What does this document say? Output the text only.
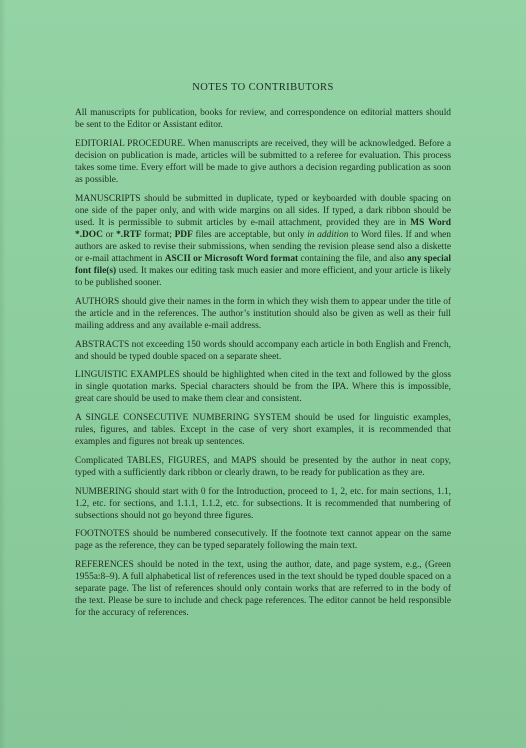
NOTES TO CONTRIBUTORS

All manuscripts for publication, books for review, and correspondence on editorial matters should be sent to the Editor or Assistant editor.

EDITORIAL PROCEDURE. When manuscripts are received, they will be acknowledged. Before a decision on publication is made, articles will be submitted to a referee for evaluation. This process takes some time. Every effort will be made to give authors a decision regarding publication as soon as possible.

MANUSCRIPTS should be submitted in duplicate, typed or keyboarded with double spacing on one side of the paper only, and with wide margins on all sides. If typed, a dark ribbon should be used. It is permissible to submit articles by e-mail attachment, provided they are in MS Word *.DOC or *.RTF format; PDF files are acceptable, but only in addition to Word files. If and when authors are asked to revise their submissions, when sending the revision please send also a diskette or e-mail attachment in ASCII or Microsoft Word format containing the file, and also any special font file(s) used. It makes our editing task much easier and more efficient, and your article is likely to be published sooner.

AUTHORS should give their names in the form in which they wish them to appear under the title of the article and in the references. The author’s institution should also be given as well as their full mailing address and any available e-mail address.

ABSTRACTS not exceeding 150 words should accompany each article in both English and French, and should be typed double spaced on a separate sheet.

LINGUISTIC EXAMPLES should be highlighted when cited in the text and followed by the gloss in single quotation marks. Special characters should be from the IPA. Where this is impossible, great care should be used to make them clear and consistent.

A SINGLE CONSECUTIVE NUMBERING SYSTEM should be used for linguistic examples, rules, figures, and tables. Except in the case of very short examples, it is recommended that examples and figures not break up sentences.

Complicated TABLES, FIGURES, and MAPS should be presented by the author in neat copy, typed with a sufficiently dark ribbon or clearly drawn, to be ready for publication as they are.

NUMBERING should start with 0 for the Introduction, proceed to 1, 2, etc. for main sections, 1.1, 1.2, etc. for sections, and 1.1.1, 1.1.2, etc. for subsections. It is recommended that numbering of subsections should not go beyond three figures.

FOOTNOTES should be numbered consecutively. If the footnote text cannot appear on the same page as the reference, they can be typed separately following the main text.

REFERENCES should be noted in the text, using the author, date, and page system, e.g., (Green 1955a:8–9). A full alphabetical list of references used in the text should be typed double spaced on a separate page. The list of references should only contain works that are referred to in the body of the text. Please be sure to include and check page references. The editor cannot be held responsible for the accuracy of references.
